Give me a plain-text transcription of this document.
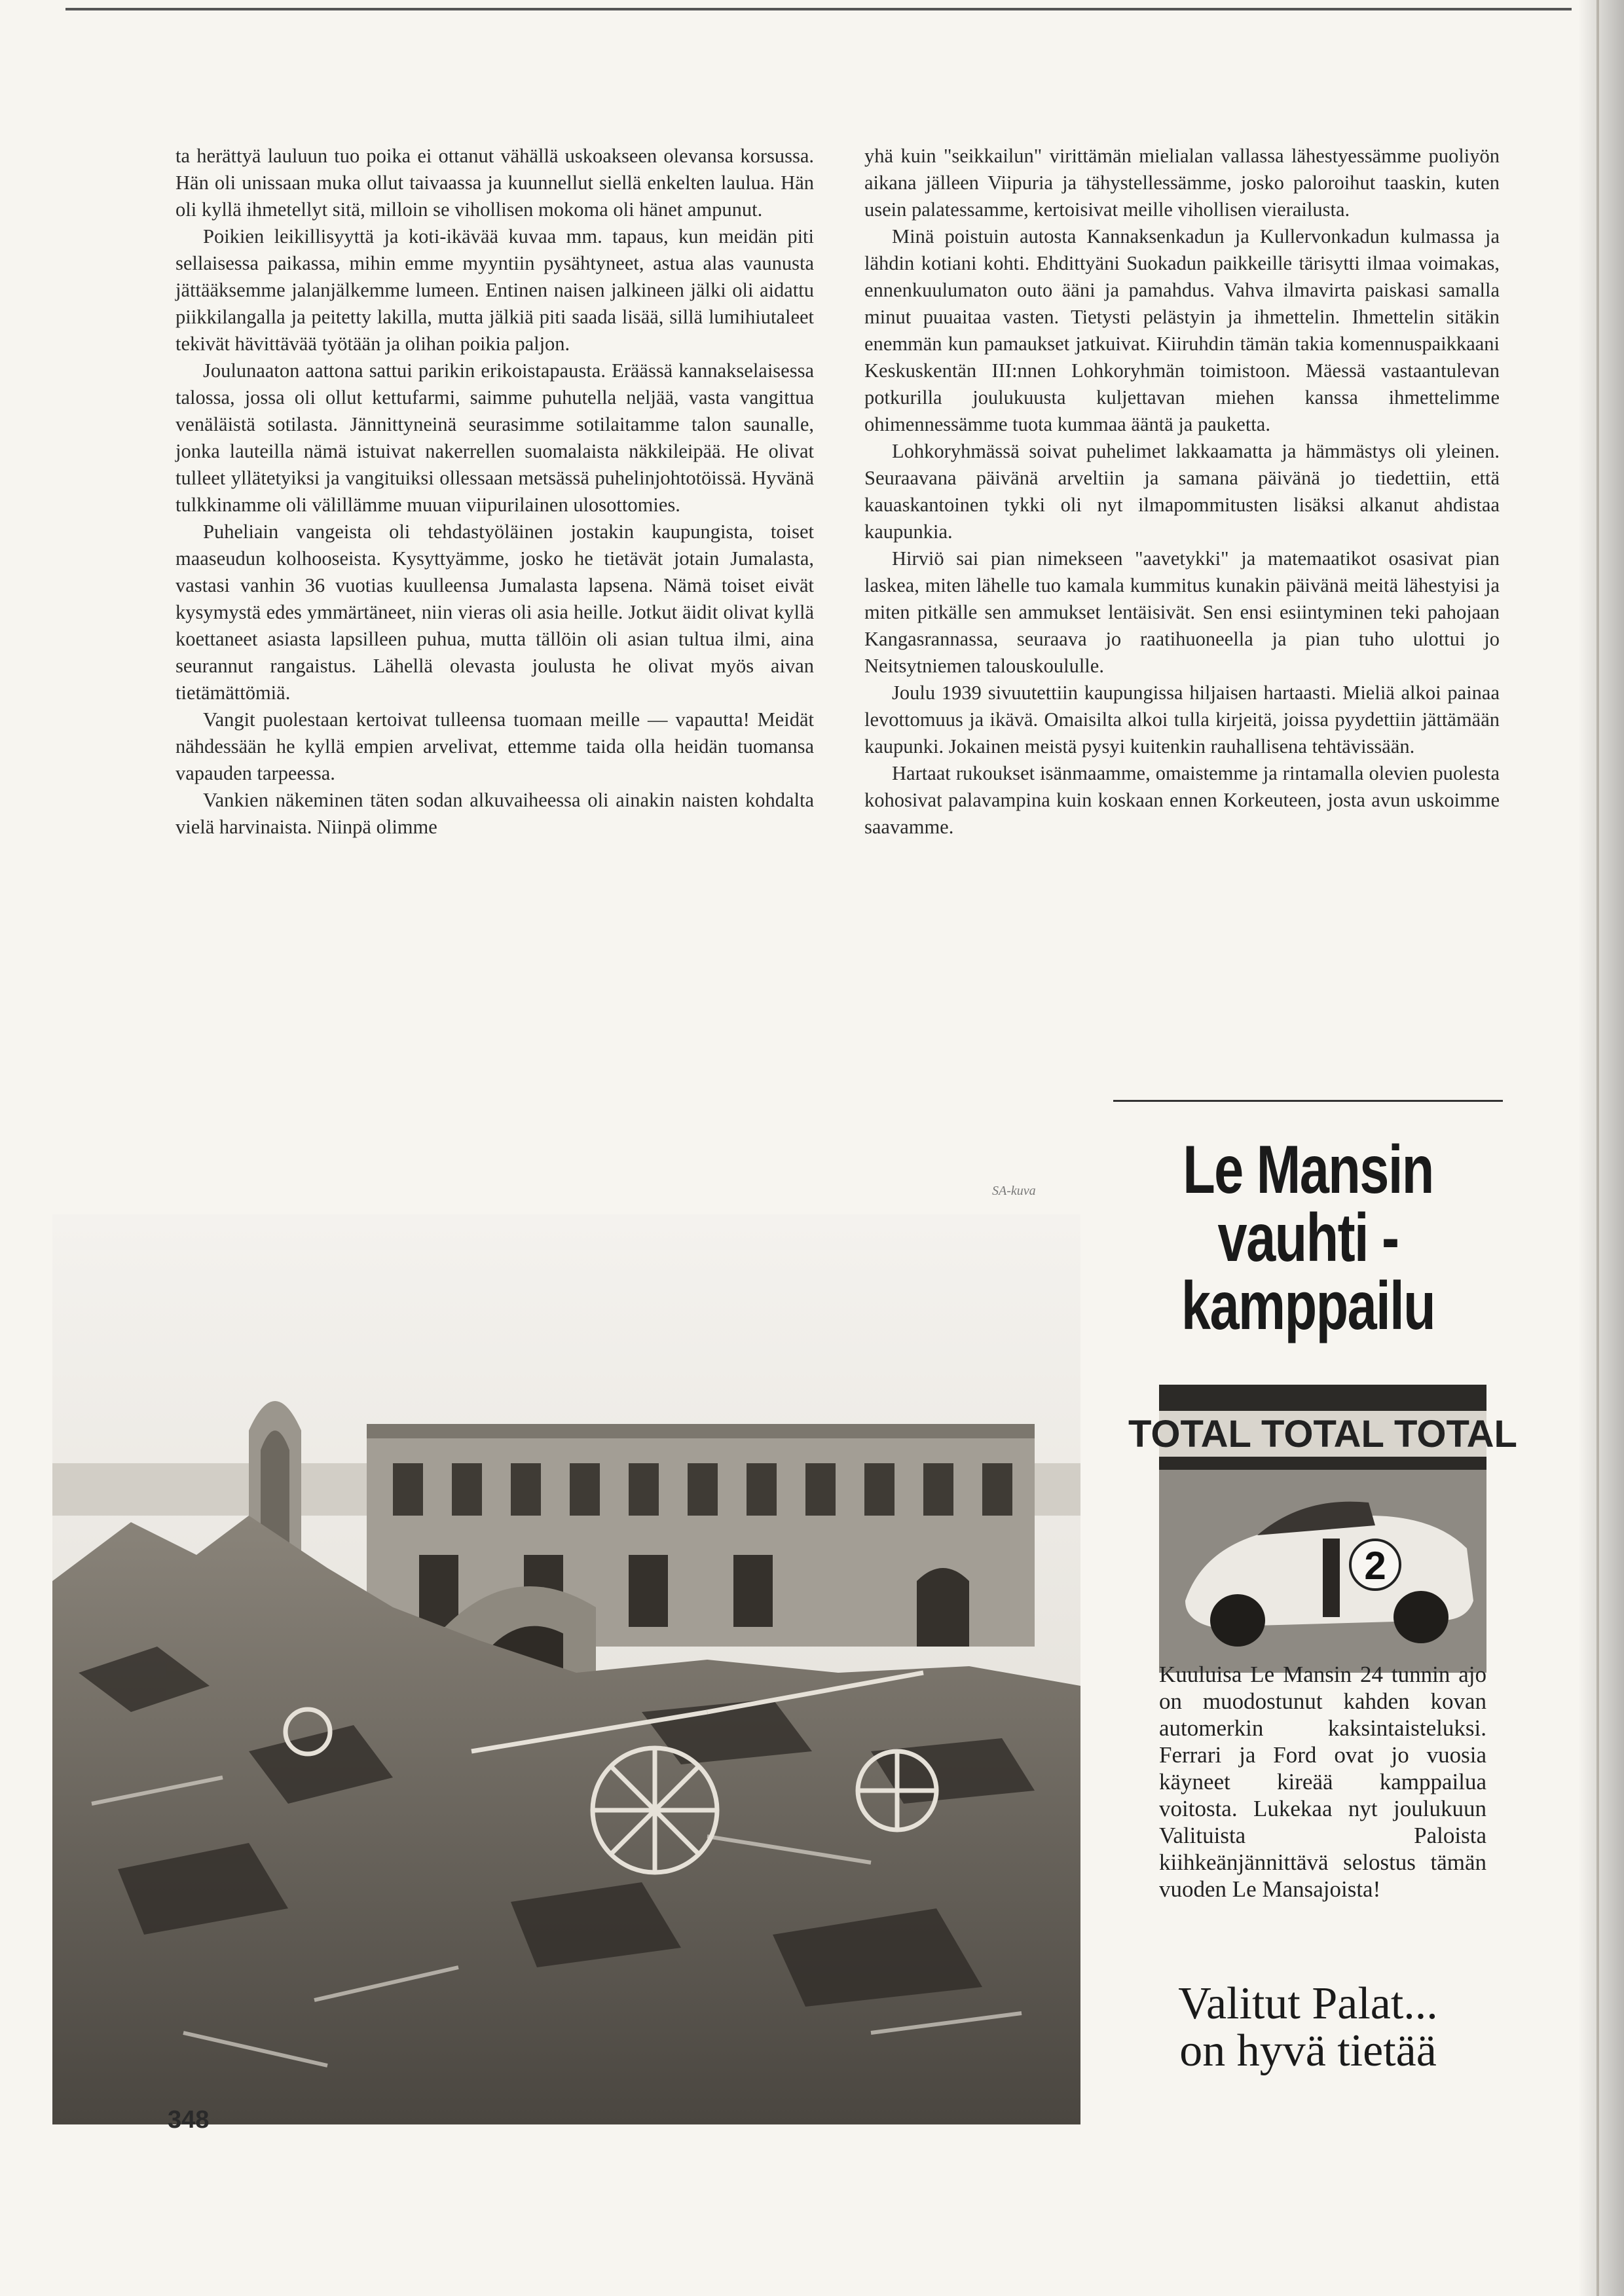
ta herättyä lauluun tuo poika ei ottanut vähällä uskoakseen olevansa korsussa. Hän oli unissaan muka ollut taivaassa ja kuunnellut siellä enkelten laulua. Hän oli kyllä ihmetellyt sitä, milloin se vihollisen mokoma oli hänet ampunut.

Poikien leikillisyyttä ja koti-ikävää kuvaa mm. tapaus, kun meidän piti sellaisessa paikassa, mihin emme myyntiin pysähtyneet, astua alas vaunusta jättääksemme jalanjälkemme lumeen. Entinen naisen jalkineen jälki oli aidattu piikkilangalla ja peitetty lakilla, mutta jälkiä piti saada lisää, sillä lumihiutaleet tekivät hävittävää työtään ja olihan poikia paljon.

Joulunaaton aattona sattui parikin erikoistapausta. Eräässä kannakselaisessa talossa, jossa oli ollut kettufarmi, saimme puhutella neljää, vasta vangittua venäläistä sotilasta. Jännittyneinä seurasimme sotilaitamme talon saunalle, jonka lauteilla nämä istuivat nakerrellen suomalaista näkkileipää. He olivat tulleet yllätetyiksi ja vangituiksi ollessaan metsässä puhelinjohtotöissä. Hyvänä tulkkinamme oli välillämme muuan viipurilainen ulosottomies.

Puheliain vangeista oli tehdastyöläinen jostakin kaupungista, toiset maaseudun kolhooseista. Kysyttyämme, josko he tietävät jotain Jumalasta, vastasi vanhin 36 vuotias kuulleensa Jumalasta lapsena. Nämä toiset eivät kysymystä edes ymmärtäneet, niin vieras oli asia heille. Jotkut äidit olivat kyllä koettaneet asiasta lapsilleen puhua, mutta tällöin oli asian tultua ilmi, aina seurannut rangaistus. Lähellä olevasta joulusta he olivat myös aivan tietämättömiä.

Vangit puolestaan kertoivat tulleensa tuomaan meille — vapautta! Meidät nähdessään he kyllä empien arvelivat, ettemme taida olla heidän tuomansa vapauden tarpeessa.

Vankien näkeminen täten sodan alkuvaiheessa oli ainakin naisten kohdalta vielä harvinaista. Niinpä olimme

yhä kuin "seikkailun" virittämän mielialan vallassa lähestyessämme puoliyön aikana jälleen Viipuria ja tähystellessämme, josko paloroihut taaskin, kuten usein palatessamme, kertoisivat meille vihollisen vierailusta.

Minä poistuin autosta Kannaksenkadun ja Kullervonkadun kulmassa ja lähdin kotiani kohti. Ehdittyäni Suokadun paikkeille tärisytti ilmaa voimakas, ennenkuulumaton outo ääni ja pamahdus. Vahva ilmavirta paiskasi samalla minut puuaitaa vasten. Tietysti pelästyin ja ihmettelin. Ihmettelin sitäkin enemmän kun pamaukset jatkuivat. Kiiruhdin tämän takia komennuspaikkaani Keskuskentän III:nnen Lohkoryhmän toimistoon. Mäessä vastaantulevan potkurilla joulukuusta kuljettavan miehen kanssa ihmettelimme ohimennessämme tuota kummaa ääntä ja pauketta.

Lohkoryhmässä soivat puhelimet lakkaamatta ja hämmästys oli yleinen. Seuraavana päivänä arveltiin ja samana päivänä jo tiedettiin, että kauaskantoinen tykki oli nyt ilmapommitusten lisäksi alkanut ahdistaa kaupunkia.

Hirviö sai pian nimekseen "aavetykki" ja matemaatikot osasivat pian laskea, miten lähelle tuo kamala kummitus kunakin päivänä meitä lähestyisi ja miten pitkälle sen ammukset lentäisivät. Sen ensi esiintyminen teki pahojaan Kangasrannassa, seuraava jo raatihuoneella ja pian tuho ulottui jo Neitsytniemen talouskoululle.

Joulu 1939 sivuutettiin kaupungissa hiljaisen hartaasti. Mieliä alkoi painaa levottomuus ja ikävä. Omaisilta alkoi tulla kirjeitä, joissa pyydettiin jättämään kaupunki. Jokainen meistä pysyi kuitenkin rauhallisena tehtävissään.

Hartaat rukoukset isänmaamme, omaistemme ja rintamalla olevien puolesta kohosivat palavampina kuin koskaan ennen Korkeuteen, josta avun uskoimme saavamme.

SA-kuva	Le Mansin
vauhti -
kamppailu
TOTAL TOTAL TOTAL
2
Kuuluisa Le Mansin 24 tunnin ajo on muodostunut kahden kovan automerkin kaksintaisteluksi. Ferrari ja Ford ovat jo vuosia käyneet kireää kamppailua voitosta. Lukekaa nyt joulukuun Valituista Paloista kiihkeänjännittävä selostus tämän vuoden Le Mansajoista!
Valitut Palat...
on hyvä tietää
348
